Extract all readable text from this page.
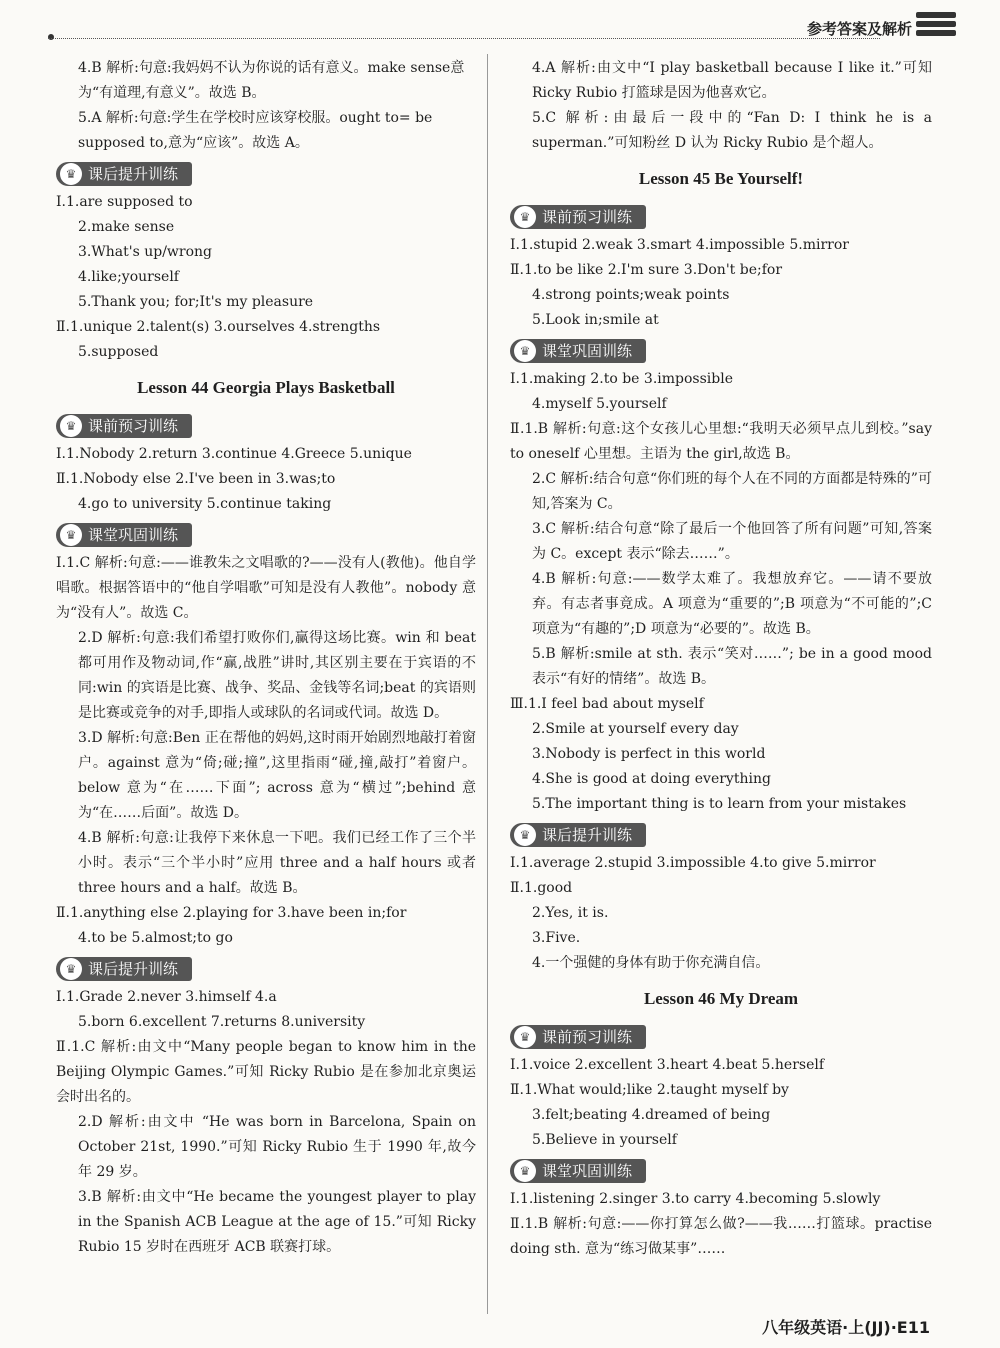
参考答案及解析
4.B 解析:句意:我妈妈不认为你说的话有意义。make sense意为“有道理,有意义”。故选 B。
5.A 解析:句意:学生在学校时应该穿校服。ought to= be supposed to,意为“应该”。故选 A。
♛ 课后提升训练
Ⅰ.1.are supposed to
2.make sense
3.What's up/wrong
4.like;yourself
5.Thank you; for;It's my pleasure
Ⅱ.1.unique 2.talent(s) 3.ourselves 4.strengths
5.supposed
Lesson 44 Georgia Plays Basketball
♛ 课前预习训练
Ⅰ.1.Nobody 2.return 3.continue 4.Greece 5.unique
Ⅱ.1.Nobody else 2.I've been in 3.was;to
4.go to university 5.continue taking
♛ 课堂巩固训练
Ⅰ.1.C 解析:句意:——谁教朱之文唱歌的?——没有人(教他)。他自学唱歌。根据答语中的“他自学唱歌”可知是没有人教他”。nobody 意为“没有人”。故选 C。
2.D 解析:句意:我们希望打败你们,赢得这场比赛。win 和 beat 都可用作及物动词,作“赢,战胜”讲时,其区别主要在于宾语的不同:win 的宾语是比赛、战争、奖品、金钱等名词;beat 的宾语则是比赛或竞争的对手,即指人或球队的名词或代词。故选 D。
3.D 解析:句意:Ben 正在帮他的妈妈,这时雨开始剧烈地敲打着窗户。against 意为“倚;碰;撞”,这里指雨“碰,撞,敲打”着窗户。below 意为“在……下面”; across 意为“横过”;behind 意为“在……后面”。故选 D。
4.B 解析:句意:让我停下来休息一下吧。我们已经工作了三个半小时。表示“三个半小时”应用 three and a half hours 或者 three hours and a half。故选 B。
Ⅱ.1.anything else 2.playing for 3.have been in;for
4.to be 5.almost;to go
♛ 课后提升训练
Ⅰ.1.Grade 2.never 3.himself 4.a
5.born 6.excellent 7.returns 8.university
Ⅱ.1.C 解析:由文中“Many people began to know him in the Beijing Olympic Games.”可知 Ricky Rubio 是在参加北京奥运会时出名的。
2.D 解析:由文中 “He was born in Barcelona, Spain on October 21st, 1990.”可知 Ricky Rubio 生于 1990 年,故今年 29 岁。
3.B 解析:由文中“He became the youngest player to play in the Spanish ACB League at the age of 15.”可知 Ricky Rubio 15 岁时在西班牙 ACB 联赛打球。
4.A 解析:由文中“I play basketball because I like it.”可知 Ricky Rubio 打篮球是因为他喜欢它。
5.C 解析:由最后一段中的“Fan D: I think he is a superman.”可知粉丝 D 认为 Ricky Rubio 是个超人。
Lesson 45 Be Yourself!
♛ 课前预习训练
Ⅰ.1.stupid 2.weak 3.smart 4.impossible 5.mirror
Ⅱ.1.to be like 2.I'm sure 3.Don't be;for
4.strong points;weak points
5.Look in;smile at
♛ 课堂巩固训练
Ⅰ.1.making 2.to be 3.impossible
4.myself 5.yourself
Ⅱ.1.B 解析:句意:这个女孩儿心里想:“我明天必须早点儿到校。”say to oneself 心里想。主语为 the girl,故选 B。
2.C 解析:结合句意“你们班的每个人在不同的方面都是特殊的”可知,答案为 C。
3.C 解析:结合句意“除了最后一个他回答了所有问题”可知,答案为 C。except 表示“除去……”。
4.B 解析:句意:——数学太难了。我想放弃它。——请不要放弃。有志者事竟成。A 项意为“重要的”;B 项意为“不可能的”;C 项意为“有趣的”;D 项意为“必要的”。故选 B。
5.B 解析:smile at sth. 表示“笑对……”; be in a good mood 表示“有好的情绪”。故选 B。
Ⅲ.1.I feel bad about myself
2.Smile at yourself every day
3.Nobody is perfect in this world
4.She is good at doing everything
5.The important thing is to learn from your mistakes
♛ 课后提升训练
Ⅰ.1.average 2.stupid 3.impossible 4.to give 5.mirror
Ⅱ.1.good
2.Yes, it is.
3.Five.
4.一个强健的身体有助于你充满自信。
Lesson 46 My Dream
♛ 课前预习训练
Ⅰ.1.voice 2.excellent 3.heart 4.beat 5.herself
Ⅱ.1.What would;like 2.taught myself by
3.felt;beating 4.dreamed of being
5.Believe in yourself
♛ 课堂巩固训练
Ⅰ.1.listening 2.singer 3.to carry 4.becoming 5.slowly
Ⅱ.1.B 解析:句意:——你打算怎么做?——我……打篮球。practise doing sth. 意为“练习做某事”……
八年级英语·上(JJ)·E11
